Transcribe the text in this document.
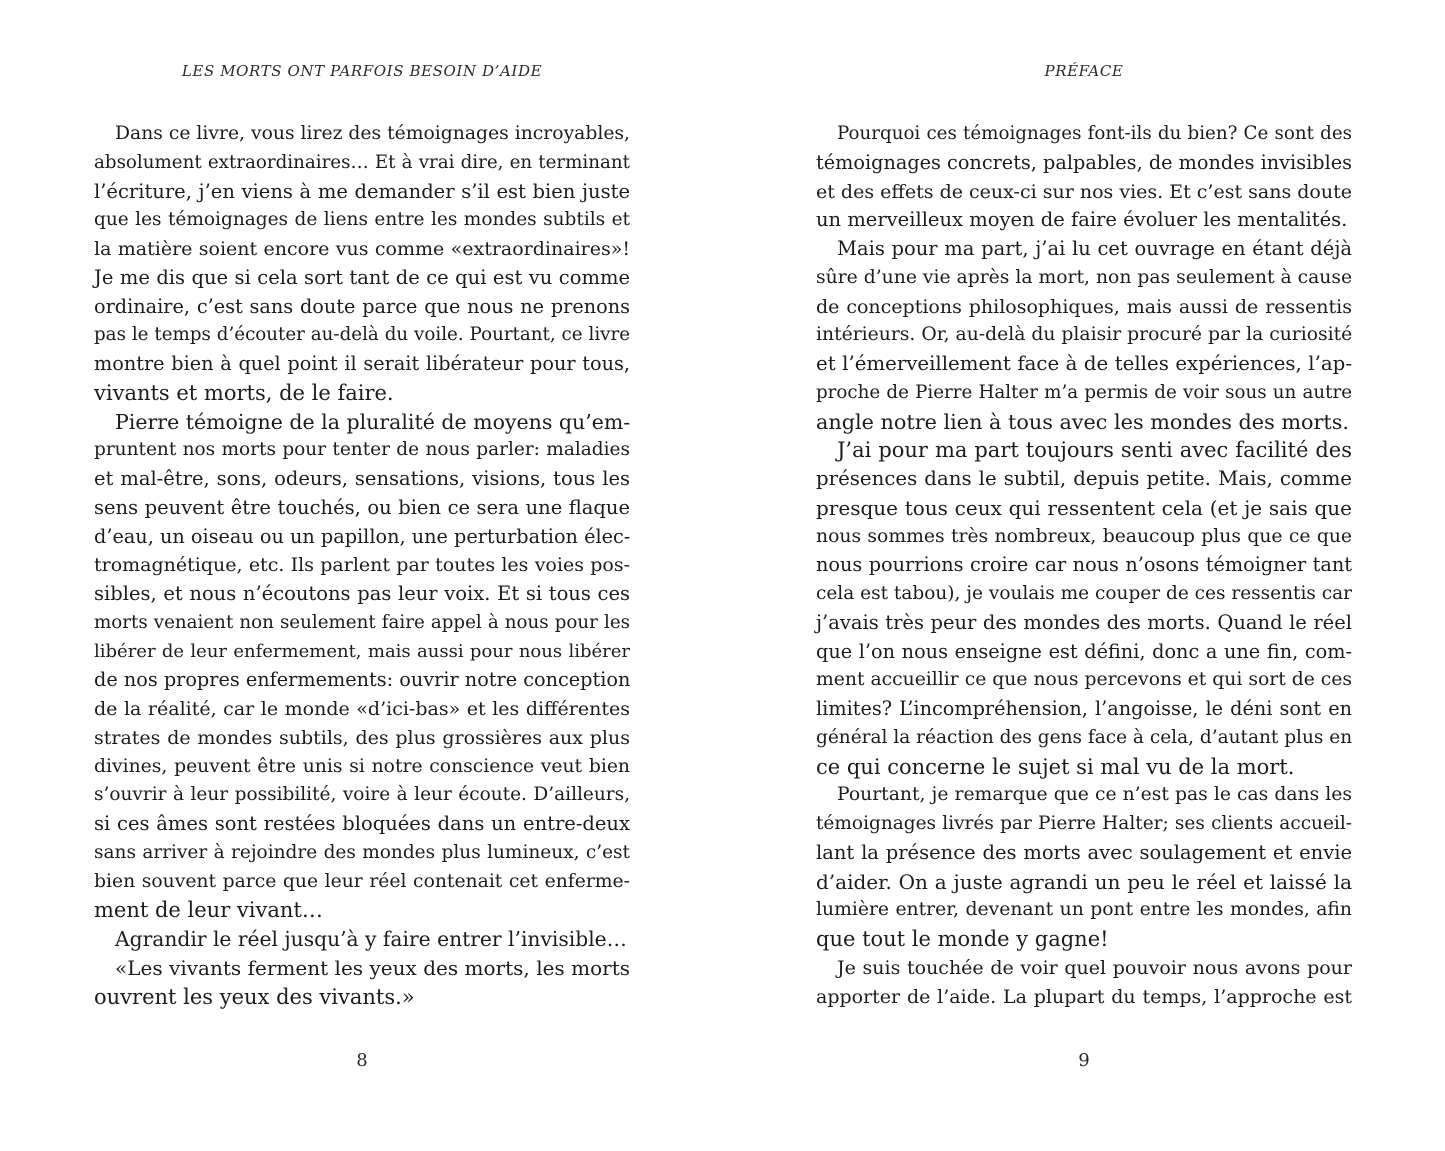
LES MORTS ONT PARFOIS BESOIN D’AIDE
Dans ce livre, vous lirez des témoignages incroyables,
absolument extraordinaires… Et à vrai dire, en terminant
l’écriture, j’en viens à me demander s’il est bien juste
que les témoignages de liens entre les mondes subtils et
la matière soient encore vus comme «extraordinaires»!
Je me dis que si cela sort tant de ce qui est vu comme
ordinaire, c’est sans doute parce que nous ne prenons
pas le temps d’écouter au-delà du voile. Pourtant, ce livre
montre bien à quel point il serait libérateur pour tous,
vivants et morts, de le faire.
Pierre témoigne de la pluralité de moyens qu’em-
pruntent nos morts pour tenter de nous parler: maladies
et mal-être, sons, odeurs, sensations, visions, tous les
sens peuvent être touchés, ou bien ce sera une flaque
d’eau, un oiseau ou un papillon, une perturbation élec-
tromagnétique, etc. Ils parlent par toutes les voies pos-
sibles, et nous n’écoutons pas leur voix. Et si tous ces
morts venaient non seulement faire appel à nous pour les
libérer de leur enfermement, mais aussi pour nous libérer
de nos propres enfermements: ouvrir notre conception
de la réalité, car le monde «d’ici-bas» et les différentes
strates de mondes subtils, des plus grossières aux plus
divines, peuvent être unis si notre conscience veut bien
s’ouvrir à leur possibilité, voire à leur écoute. D’ailleurs,
si ces âmes sont restées bloquées dans un entre-deux
sans arriver à rejoindre des mondes plus lumineux, c’est
bien souvent parce que leur réel contenait cet enferme-
ment de leur vivant…
Agrandir le réel jusqu’à y faire entrer l’invisible…
«Les vivants ferment les yeux des morts, les morts
ouvrent les yeux des vivants.»
8
PRÉFACE
Pourquoi ces témoignages font-ils du bien? Ce sont des
témoignages concrets, palpables, de mondes invisibles
et des effets de ceux-ci sur nos vies. Et c’est sans doute
un merveilleux moyen de faire évoluer les mentalités.
Mais pour ma part, j’ai lu cet ouvrage en étant déjà
sûre d’une vie après la mort, non pas seulement à cause
de conceptions philosophiques, mais aussi de ressentis
intérieurs. Or, au-delà du plaisir procuré par la curiosité
et l’émerveillement face à de telles expériences, l’ap-
proche de Pierre Halter m’a permis de voir sous un autre
angle notre lien à tous avec les mondes des morts.
J’ai pour ma part toujours senti avec facilité des
présences dans le subtil, depuis petite. Mais, comme
presque tous ceux qui ressentent cela (et je sais que
nous sommes très nombreux, beaucoup plus que ce que
nous pourrions croire car nous n’osons témoigner tant
cela est tabou), je voulais me couper de ces ressentis car
j’avais très peur des mondes des morts. Quand le réel
que l’on nous enseigne est défini, donc a une fin, com-
ment accueillir ce que nous percevons et qui sort de ces
limites? L’incompréhension, l’angoisse, le déni sont en
général la réaction des gens face à cela, d’autant plus en
ce qui concerne le sujet si mal vu de la mort.
Pourtant, je remarque que ce n’est pas le cas dans les
témoignages livrés par Pierre Halter; ses clients accueil-
lant la présence des morts avec soulagement et envie
d’aider. On a juste agrandi un peu le réel et laissé la
lumière entrer, devenant un pont entre les mondes, afin
que tout le monde y gagne!
Je suis touchée de voir quel pouvoir nous avons pour
apporter de l’aide. La plupart du temps, l’approche est
9
